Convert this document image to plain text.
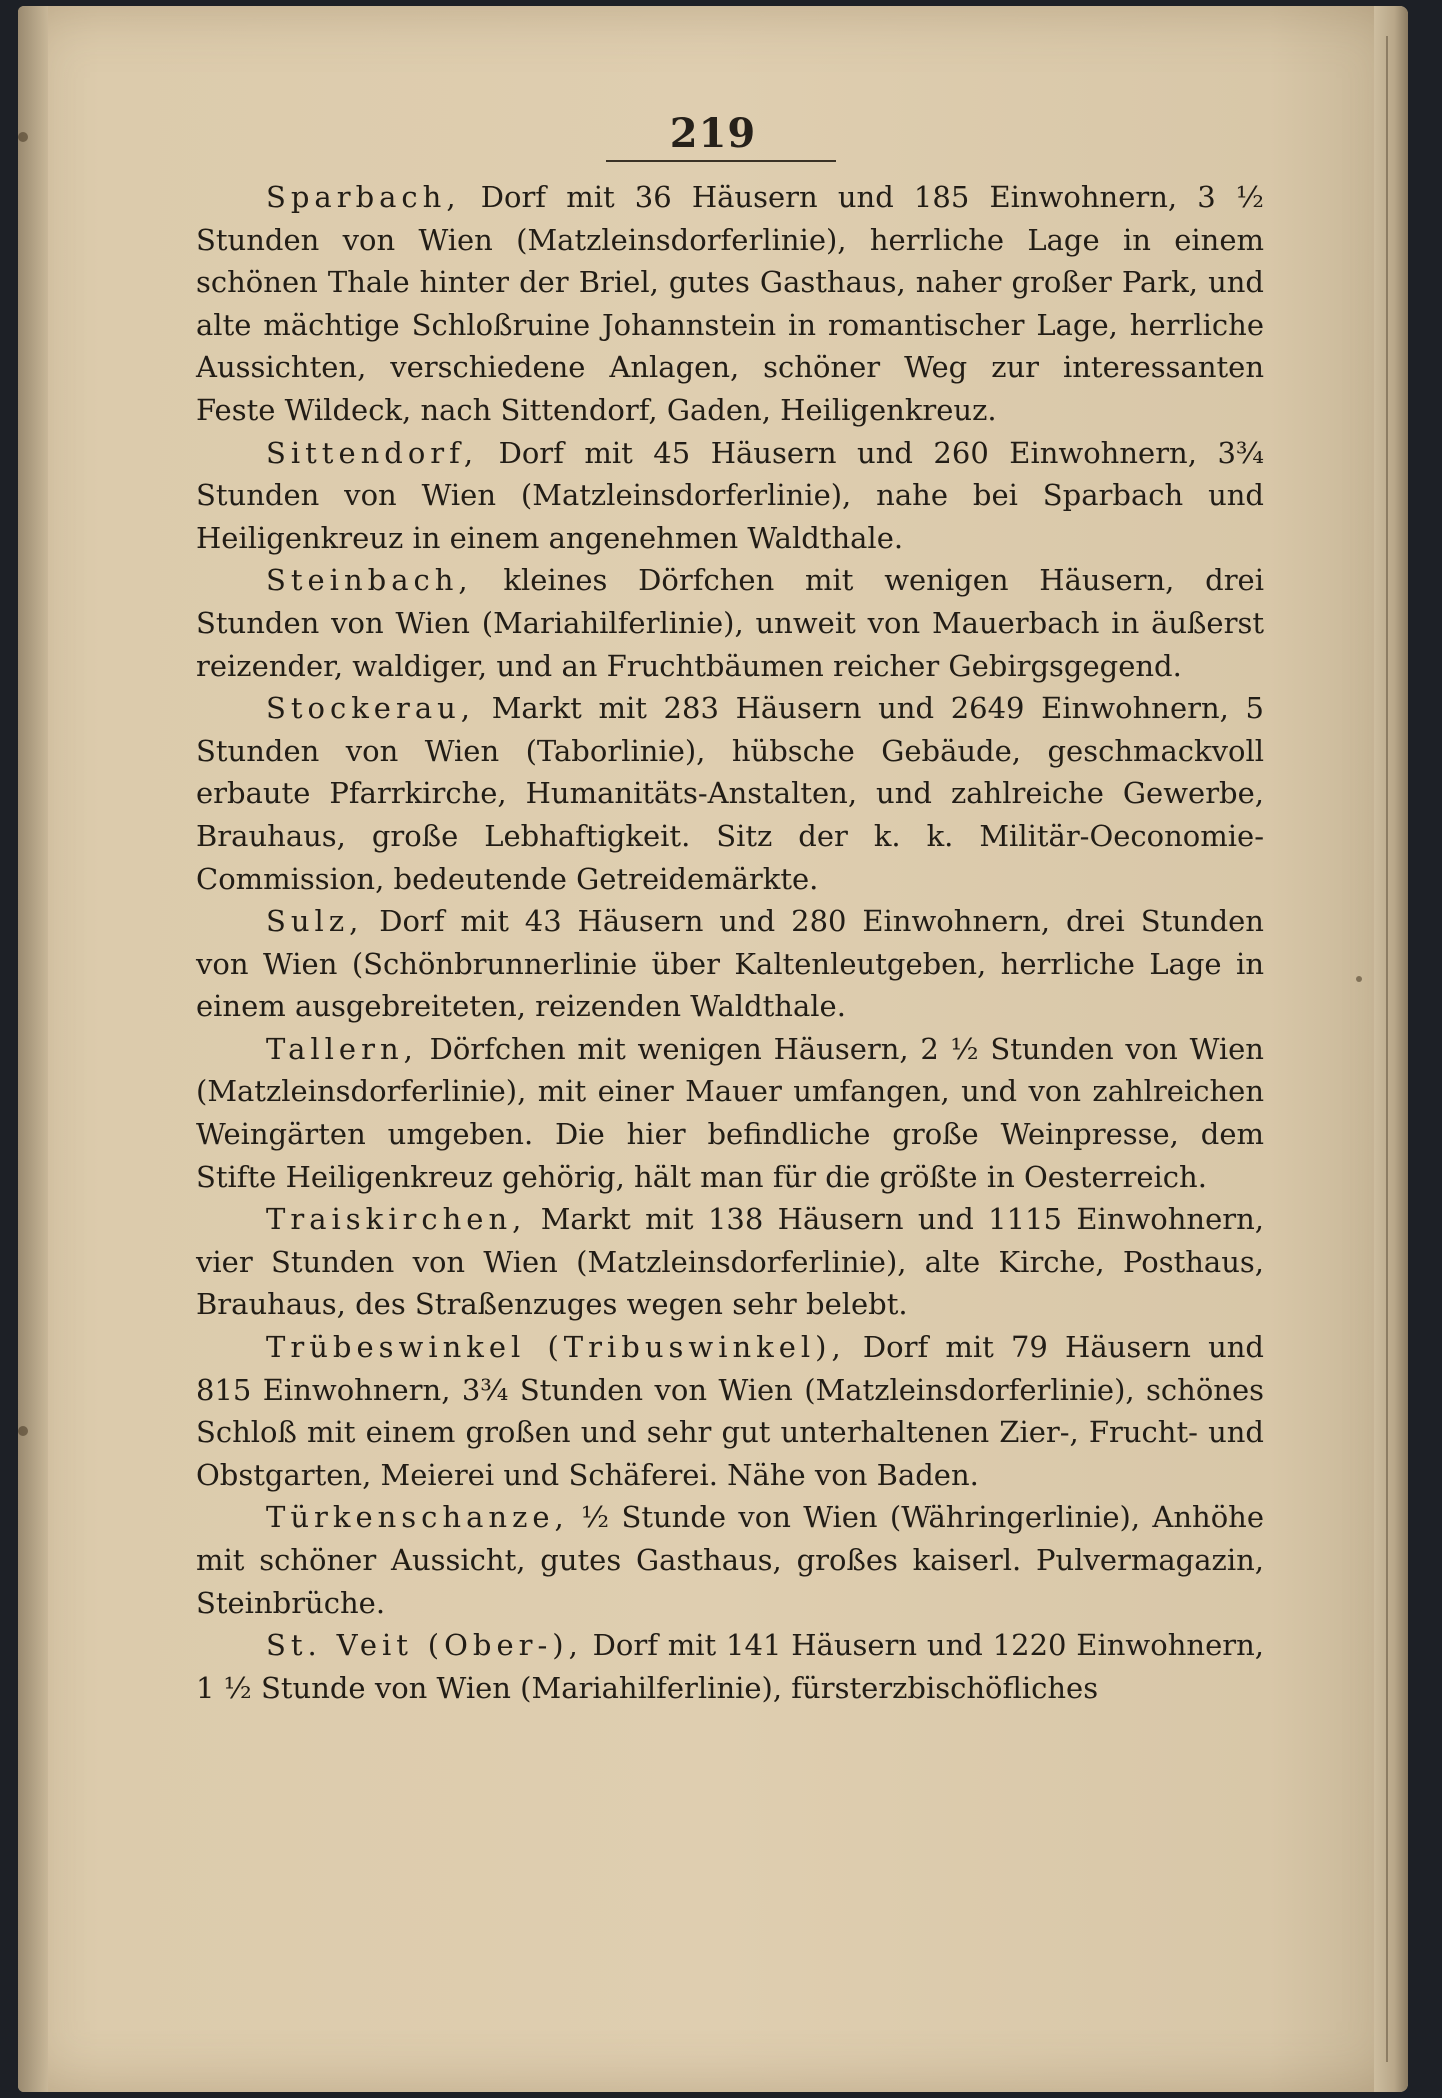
219

Sparbach, Dorf mit 36 Häusern und 185 Einwohnern, 3 ½ Stunden von Wien (Matzleinsdorferlinie), herrliche Lage in einem schönen Thale hinter der Briel, gutes Gasthaus, naher großer Park, und alte mächtige Schloßruine Johannstein in romantischer Lage, herrliche Aussichten, verschiedene Anlagen, schöner Weg zur interessanten Feste Wildeck, nach Sittendorf, Gaden, Heiligenkreuz.

Sittendorf, Dorf mit 45 Häusern und 260 Einwohnern, 3¾ Stunden von Wien (Matzleinsdorferlinie), nahe bei Sparbach und Heiligenkreuz in einem angenehmen Waldthale.

Steinbach, kleines Dörfchen mit wenigen Häusern, drei Stunden von Wien (Mariahilferlinie), unweit von Mauerbach in äußerst reizender, waldiger, und an Fruchtbäumen reicher Gebirgsgegend.

Stockerau, Markt mit 283 Häusern und 2649 Einwohnern, 5 Stunden von Wien (Taborlinie), hübsche Gebäude, geschmackvoll erbaute Pfarrkirche, Humanitäts-Anstalten, und zahlreiche Gewerbe, Brauhaus, große Lebhaftigkeit. Sitz der k. k. Militär-Oeconomie-Commission, bedeutende Getreidemärkte.

Sulz, Dorf mit 43 Häusern und 280 Einwohnern, drei Stunden von Wien (Schönbrunnerlinie über Kaltenleutgeben, herrliche Lage in einem ausgebreiteten, reizenden Waldthale.

Tallern, Dörfchen mit wenigen Häusern, 2 ½ Stunden von Wien (Matzleinsdorferlinie), mit einer Mauer umfangen, und von zahlreichen Weingärten umgeben. Die hier befindliche große Weinpresse, dem Stifte Heiligenkreuz gehörig, hält man für die größte in Oesterreich.

Traiskirchen, Markt mit 138 Häusern und 1115 Einwohnern, vier Stunden von Wien (Matzleinsdorferlinie), alte Kirche, Posthaus, Brauhaus, des Straßenzuges wegen sehr belebt.

Trübeswinkel (Tribuswinkel), Dorf mit 79 Häusern und 815 Einwohnern, 3¾ Stunden von Wien (Matzleinsdorferlinie), schönes Schloß mit einem großen und sehr gut unterhaltenen Zier-, Frucht- und Obstgarten, Meierei und Schäferei. Nähe von Baden.

Türkenschanze, ½ Stunde von Wien (Währingerlinie), Anhöhe mit schöner Aussicht, gutes Gasthaus, großes kaiserl. Pulvermagazin, Steinbrüche.

St. Veit (Ober-), Dorf mit 141 Häusern und 1220 Einwohnern, 1 ½ Stunde von Wien (Mariahilferlinie), fürsterzbischöfliches
